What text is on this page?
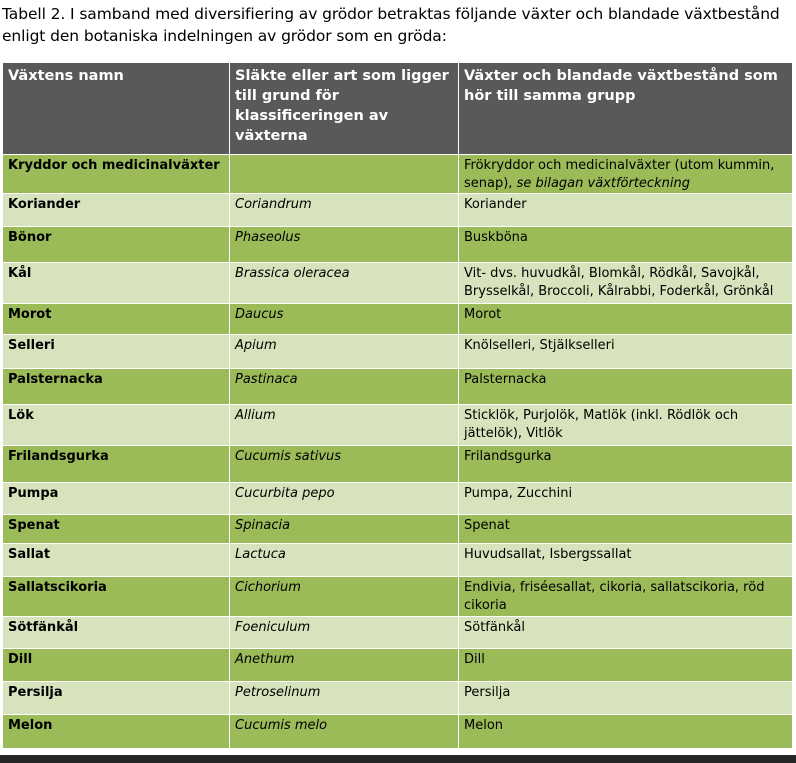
Tabell 2. I samband med diversifiering av grödor betraktas följande växter och blandade växtbestånd
enligt den botaniska indelningen av grödor som en gröda:
Växtens namn	Släkte eller art som ligger till grund för klassificeringen av växterna	Växter och blandade växtbestånd som hör till samma grupp
Kryddor och medicinalväxter		Frökryddor och medicinalväxter (utom kummin, senap), se bilagan växtförteckning
Koriander	Coriandrum	Koriander
Bönor	Phaseolus	Buskböna
Kål	Brassica oleracea	Vit- dvs. huvudkål, Blomkål, Rödkål, Savojkål, Brysselkål, Broccoli, Kålrabbi, Foderkål, Grönkål
Morot	Daucus	Morot
Selleri	Apium	Knölselleri, Stjälkselleri
Palsternacka	Pastinaca	Palsternacka
Lök	Allium	Sticklök, Purjolök, Matlök (inkl. Rödlök och jättelök), Vitlök
Frilandsgurka	Cucumis sativus	Frilandsgurka
Pumpa	Cucurbita pepo	Pumpa, Zucchini
Spenat	Spinacia	Spenat
Sallat	Lactuca	Huvudsallat, Isbergssallat
Sallatscikoria	Cichorium	Endivia, friséesallat, cikoria, sallatscikoria, röd cikoria
Sötfänkål	Foeniculum	Sötfänkål
Dill	Anethum	Dill
Persilja	Petroselinum	Persilja
Melon	Cucumis melo	Melon
